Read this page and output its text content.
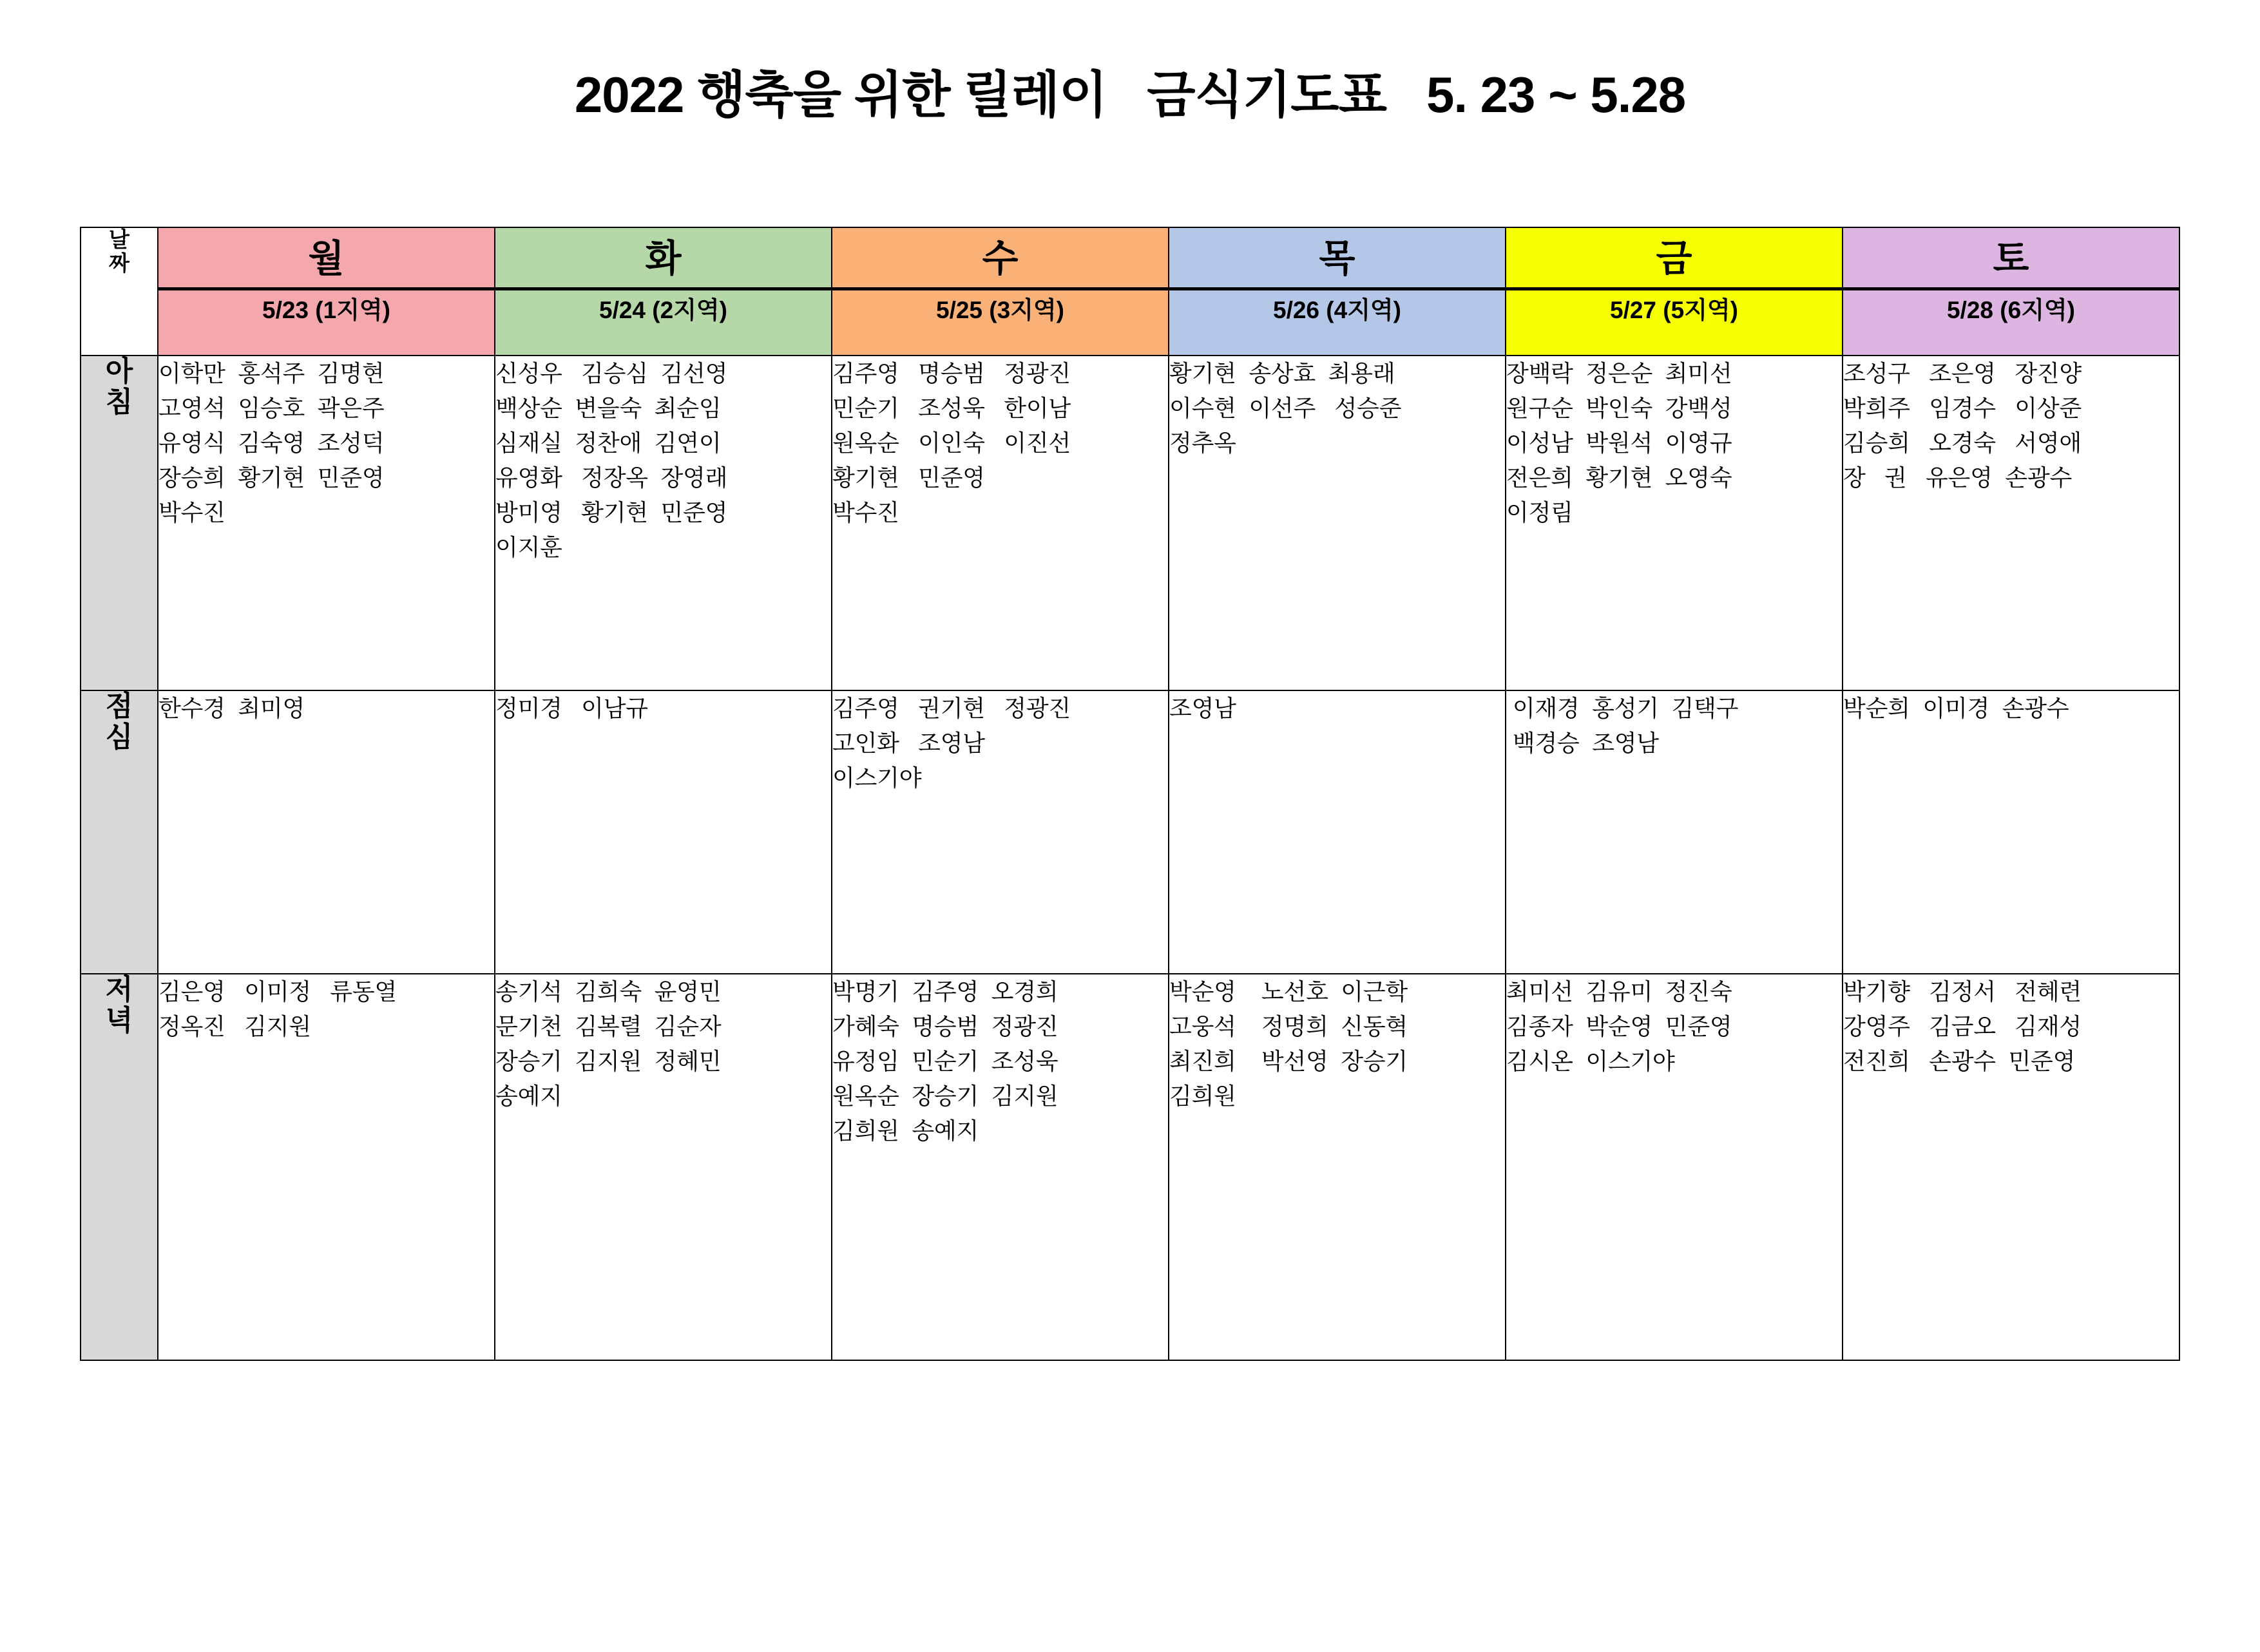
2022 행축을 위한 릴레이   금식기도표   5. 23 ~ 5.28
날
짜	월	화	수	목	금	토
	5/23 (1지역)	5/24 (2지역)	5/25 (3지역)	5/26 (4지역)	5/27 (5지역)	5/28 (6지역)

아
침
	이학만  홍석주  김명현
고영석  임승호  곽은주
유영식  김숙영  조성덕
장승희  황기현  민준영
박수진	신성우   김승심  김선영
백상순  변을숙  최순임
심재실  정찬애  김연이
유영화   정장옥  장영래
방미영   황기현  민준영
이지훈	김주영   명승범   정광진
민순기   조성욱   한이남
원옥순   이인숙   이진선
황기현   민준영
박수진	황기현  송상효  최용래
이수현  이선주   성승준
정추옥	장백락  정은순  최미선
원구순  박인숙  강백성
이성남  박원석  이영규
전은희  황기현  오영숙
이정림	조성구   조은영   장진양
박희주   임경수   이상준
김승희   오경숙   서영애
장   권   유은영  손광수

점
심	한수경  최미영	정미경   이남규	김주영   권기현   정광진
고인화   조영남
이스기야	조영남	이재경  홍성기  김택구
백경승  조영남	박순희  이미경  손광수

저
녁	김은영   이미정   류동열
정옥진   김지원	송기석  김희숙  윤영민
문기천  김복렬  김순자
장승기  김지원  정혜민
송예지	박명기  김주영  오경희
가혜숙  명승범  정광진
유정임  민순기  조성욱
원옥순  장승기  김지원
김희원  송예지	박순영    노선호  이근학
고웅석    정명희  신동혁
최진희    박선영  장승기
김희원	최미선  김유미  정진숙
김종자  박순영  민준영
김시온  이스기야	박기향   김정서   전혜련
강영주   김금오   김재성
전진희   손광수  민준영
